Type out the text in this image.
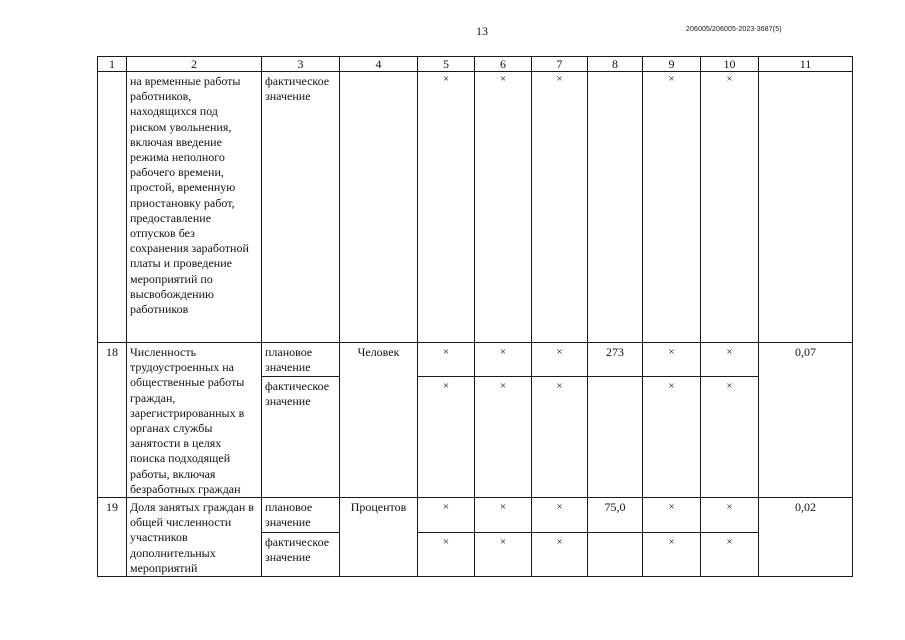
13	206005/206005-2023-3687(5)
1	2	3	4	5	6	7	8	9	10	11

	на временные работы работников, находящихся под риском увольнения, включая введение режима неполного рабочего времени, простой, временную приостановку работ, предоставление отпусков без сохранения заработной платы и проведение мероприятий по высвобождению работников	фактическое значение		×	×	×		×	×	
18	Численность трудоустроенных на общественные работы граждан, зарегистрированных в органах службы занятости в целях поиска подходящей работы, включая безработных граждан	плановое значение	Человек	×	×	×	273	×	×	0,07

		фактическое значение		×	×	×		×	×	
19	Доля занятых граждан в общей численности участников дополнительных мероприятий	плановое значение	Процентов	×	×	×	75,0	×	×	0,02

		фактическое значение		×	×	×		×	×	
